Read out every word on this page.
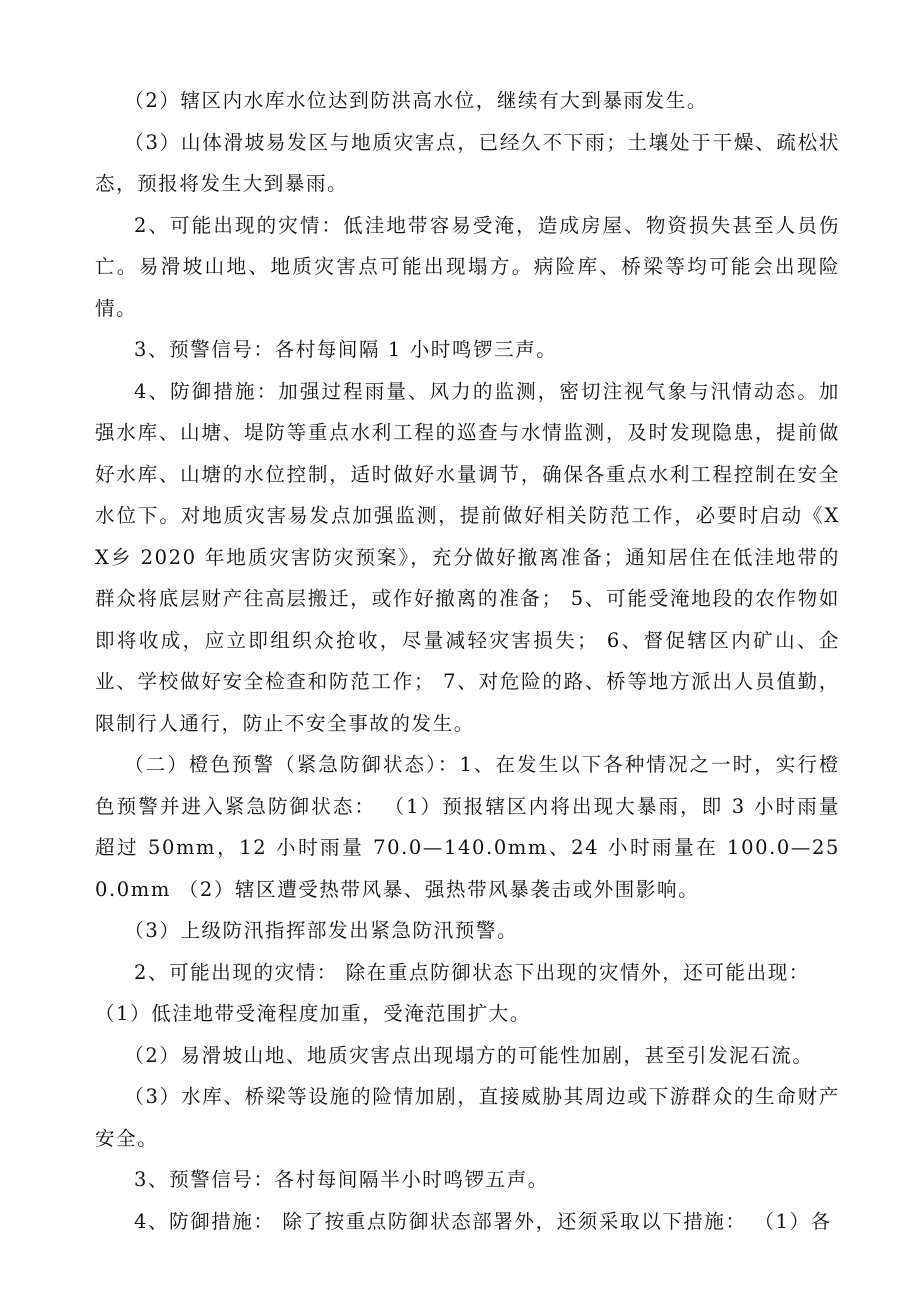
（2）辖区内水库水位达到防洪高水位，继续有大到暴雨发生。

（3）山体滑坡易发区与地质灾害点，已经久不下雨；土壤处于干燥、疏松状态，预报将发生大到暴雨。

2、可能出现的灾情：低洼地带容易受淹，造成房屋、物资损失甚至人员伤亡。易滑坡山地、地质灾害点可能出现塌方。病险库、桥梁等均可能会出现险情。

3、预警信号：各村每间隔 1 小时鸣锣三声。

4、防御措施：加强过程雨量、风力的监测，密切注视气象与汛情动态。加强水库、山塘、堤防等重点水利工程的巡查与水情监测，及时发现隐患，提前做好水库、山塘的水位控制，适时做好水量调节，确保各重点水利工程控制在安全水位下。对地质灾害易发点加强监测，提前做好相关防范工作，必要时启动《XX乡 2020 年地质灾害防灾预案》，充分做好撤离准备；通知居住在低洼地带的群众将底层财产往高层搬迁，或作好撤离的准备； 5、可能受淹地段的农作物如即将收成，应立即组织众抢收，尽量减轻灾害损失； 6、督促辖区内矿山、企业、学校做好安全检查和防范工作； 7、对危险的路、桥等地方派出人员值勤，限制行人通行，防止不安全事故的发生。

（二）橙色预警（紧急防御状态）：1、在发生以下各种情况之一时，实行橙色预警并进入紧急防御状态： （1）预报辖区内将出现大暴雨，即 3 小时雨量超过 50mm，12 小时雨量 70.0—140.0mm、24 小时雨量在 100.0—250.0mm （2）辖区遭受热带风暴、强热带风暴袭击或外围影响。

（3）上级防汛指挥部发出紧急防汛预警。

2、可能出现的灾情： 除在重点防御状态下出现的灾情外，还可能出现：

（1）低洼地带受淹程度加重，受淹范围扩大。

（2）易滑坡山地、地质灾害点出现塌方的可能性加剧，甚至引发泥石流。

（3）水库、桥梁等设施的险情加剧，直接威胁其周边或下游群众的生命财产安全。

3、预警信号：各村每间隔半小时鸣锣五声。

4、防御措施： 除了按重点防御状态部署外，还须采取以下措施： （1）各
